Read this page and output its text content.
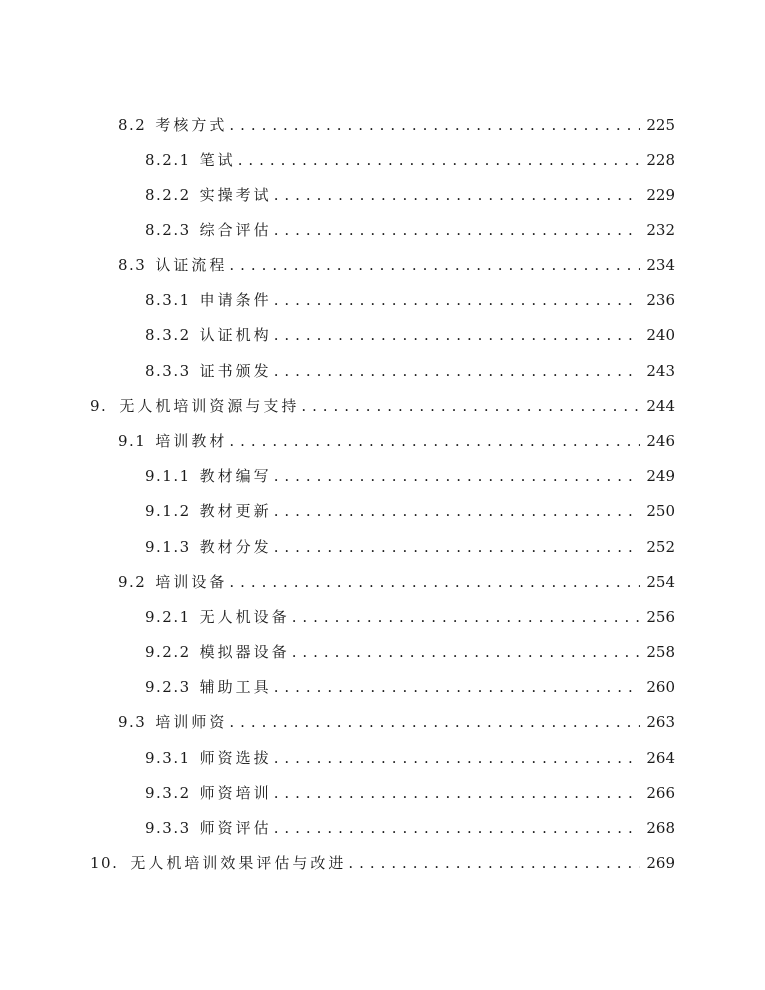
8.2 考核方式 . . .	225
8.2.1 笔试 . . .	228
8.2.2 实操考试 . . .	229
8.2.3 综合评估 . . .	232
8.3 认证流程 . . .	234
8.3.1 申请条件 . . .	236
8.3.2 认证机构 . . .	240
8.3.3 证书颁发 . . .	243
9. 无人机培训资源与支持 . . .	244
9.1 培训教材 . . .	246
9.1.1 教材编写 . . .	249
9.1.2 教材更新 . . .	250
9.1.3 教材分发 . . .	252
9.2 培训设备 . . .	254
9.2.1 无人机设备 . . .	256
9.2.2 模拟器设备 . . .	258
9.2.3 辅助工具 . . .	260
9.3 培训师资 . . .	263
9.3.1 师资选拔 . . .	264
9.3.2 师资培训 . . .	266
9.3.3 师资评估 . . .	268
10. 无人机培训效果评估与改进 . . .	269
